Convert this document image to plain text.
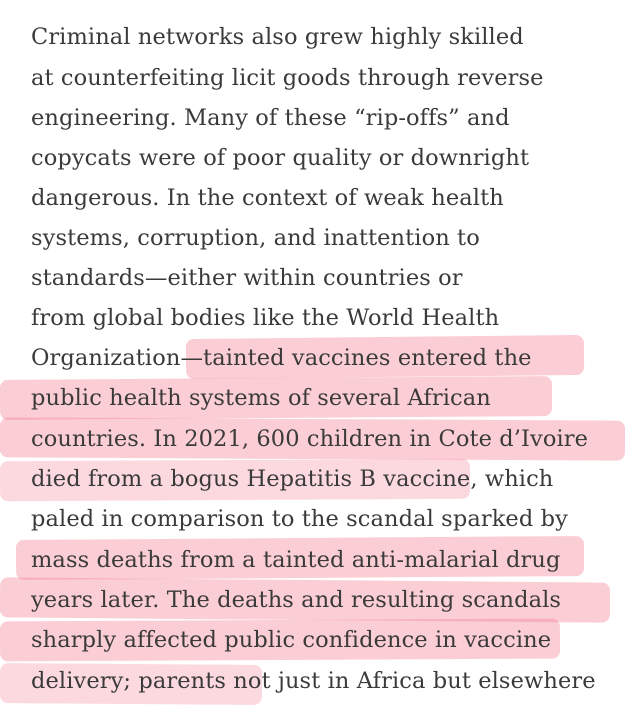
Criminal networks also grew highly skilled
at counterfeiting licit goods through reverse
engineering. Many of these “rip-offs” and
copycats were of poor quality or downright
dangerous. In the context of weak health
systems, corruption, and inattention to
standards—either within countries or
from global bodies like the World Health
Organization—tainted vaccines entered the
public health systems of several African
countries. In 2021, 600 children in Cote d’Ivoire
died from a bogus Hepatitis B vaccine, which
paled in comparison to the scandal sparked by
mass deaths from a tainted anti-malarial drug
years later. The deaths and resulting scandals
sharply affected public confidence in vaccine
delivery; parents not just in Africa but elsewhere
